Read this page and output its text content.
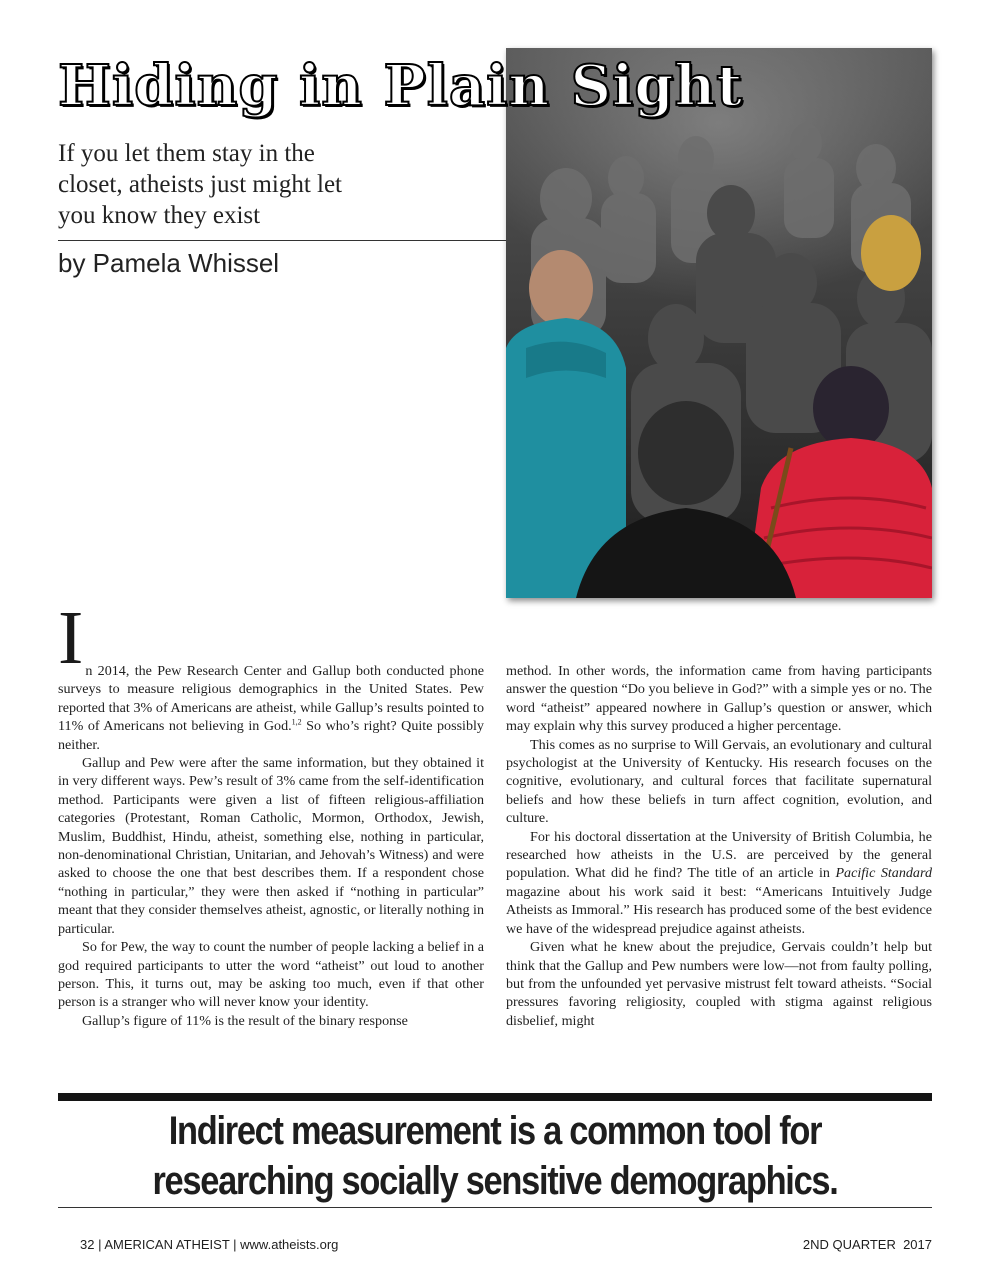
Hiding in Plain Sight

If you let them stay in the closet, atheists just might let you know they exist

by Pamela Whissel

In 2014, the Pew Research Center and Gallup both conducted phone surveys to measure religious demographics in the United States. Pew reported that 3% of Americans are atheist, while Gallup’s results pointed to 11% of Americans not believing in God.$^{1,2}$ So who’s right? Quite possibly neither.

Gallup and Pew were after the same information, but they obtained it in very different ways. Pew’s result of 3% came from the self-identification method. Participants were given a list of fifteen religious-affiliation categories (Protestant, Roman Catholic, Mormon, Orthodox, Jewish, Muslim, Buddhist, Hindu, atheist, something else, nothing in particular, non-denominational Christian, Unitarian, and Jehovah’s Witness) and were asked to choose the one that best describes them. If a respondent chose “nothing in particular,” they were then asked if “nothing in particular” meant that they consider themselves atheist, agnostic, or literally nothing in particular.

So for Pew, the way to count the number of people lacking a belief in a god required participants to utter the word “atheist” out loud to another person. This, it turns out, may be asking too much, even if that other person is a stranger who will never know your identity.

Gallup’s figure of 11% is the result of the binary response

method. In other words, the information came from having participants answer the question “Do you believe in God?” with a simple yes or no. The word “atheist” appeared nowhere in Gallup’s question or answer, which may explain why this survey produced a higher percentage.

This comes as no surprise to Will Gervais, an evolutionary and cultural psychologist at the University of Kentucky. His research focuses on the cognitive, evolutionary, and cultural forces that facilitate supernatural beliefs and how these beliefs in turn affect cognition, evolution, and culture.

For his doctoral dissertation at the University of British Columbia, he researched how atheists in the U.S. are perceived by the general population. What did he find? The title of an article in Pacific Standard magazine about his work said it best: “Americans Intuitively Judge Atheists as Immoral.” His research has produced some of the best evidence we have of the widespread prejudice against atheists.

Given what he knew about the prejudice, Gervais couldn’t help but think that the Gallup and Pew numbers were low—not from faulty polling, but from the unfounded yet pervasive mistrust felt toward atheists. “Social pressures favoring religiosity, coupled with stigma against religious disbelief, might

Indirect measurement is a common tool for researching socially sensitive demographics.

32 | AMERICAN ATHEIST | www.atheists.org	2ND QUARTER  2017
